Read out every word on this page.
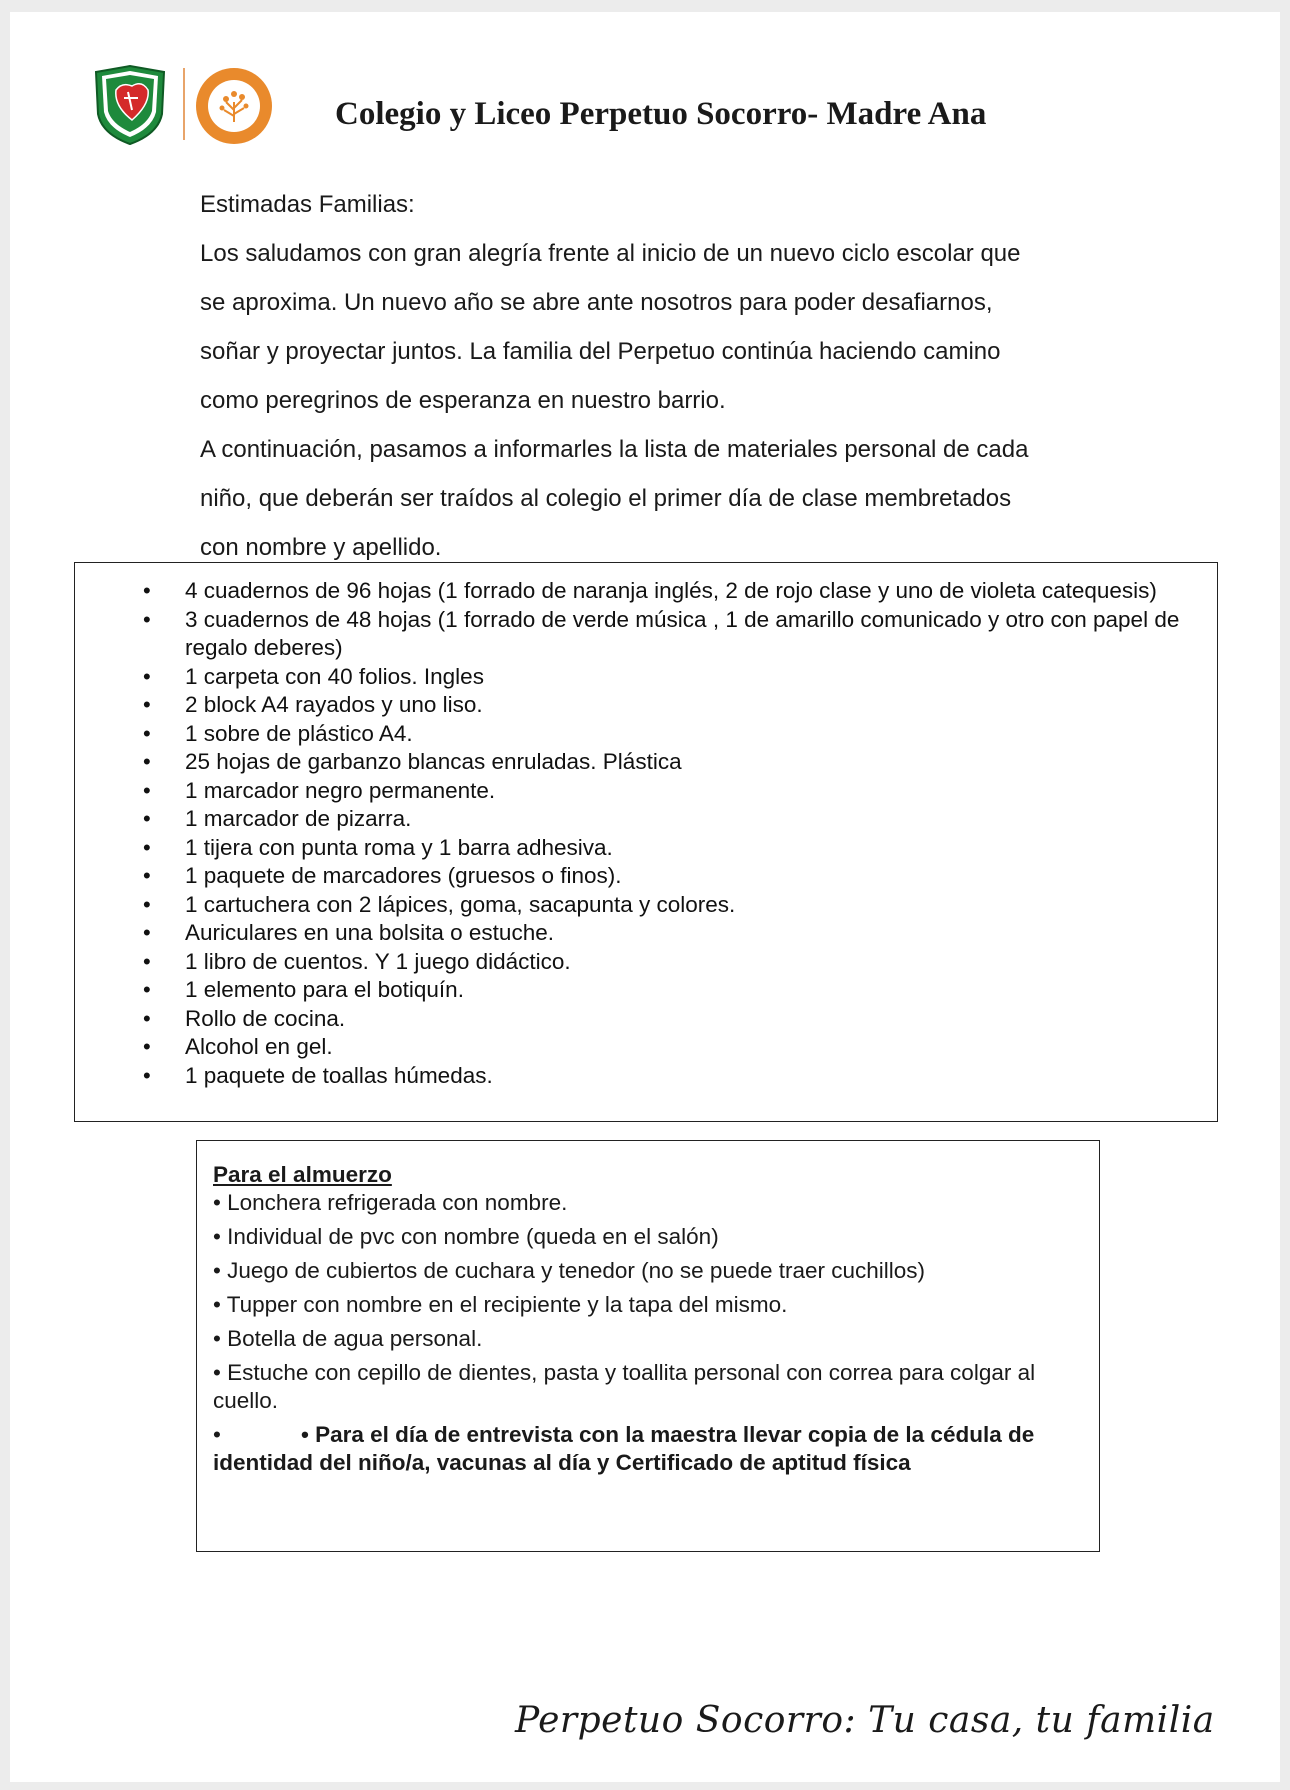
Colegio y Liceo Perpetuo Socorro- Madre Ana

Estimadas Familias:

Los saludamos con gran alegría frente al inicio de un nuevo ciclo escolar que

se aproxima. Un nuevo año se abre ante nosotros para poder desafiarnos,

soñar y proyectar juntos. La familia del Perpetuo continúa haciendo camino

como peregrinos de esperanza en nuestro barrio.

A continuación, pasamos a informarles la lista de materiales personal de cada

niño, que deberán ser traídos al colegio el primer día de clase membretados

con nombre y apellido.

• 4 cuadernos de 96 hojas (1 forrado de naranja inglés, 2 de rojo clase y uno de violeta catequesis)
• 3 cuadernos de 48 hojas (1 forrado de verde música , 1 de amarillo comunicado y otro con papel de regalo deberes)
• 1 carpeta con 40 folios. Ingles
• 2 block A4 rayados y uno liso.
• 1 sobre de plástico A4.
• 25 hojas de garbanzo blancas enruladas. Plástica
• 1 marcador negro permanente.
• 1 marcador de pizarra.
• 1 tijera con punta roma y 1 barra adhesiva.
• 1 paquete de marcadores (gruesos o finos).
• 1 cartuchera con 2 lápices, goma, sacapunta y colores.
• Auriculares en una bolsita o estuche.
• 1 libro de cuentos. Y 1 juego didáctico.
• 1 elemento para el botiquín.
• Rollo de cocina.
• Alcohol en gel.
• 1 paquete de toallas húmedas.
Para el almuerzo
• Lonchera refrigerada con nombre.
• Individual de pvc con nombre (queda en el salón)
• Juego de cubiertos de cuchara y tenedor (no se puede traer cuchillos)
• Tupper con nombre en el recipiente y la tapa del mismo.
• Botella de agua personal.
• Estuche con cepillo de dientes, pasta y toallita personal con correa para colgar al cuello.
•	• Para el día de entrevista con la maestra llevar copia de la cédula de identidad del niño/a, vacunas al día y Certificado de aptitud física
Perpetuo Socorro: Tu casa, tu familia
